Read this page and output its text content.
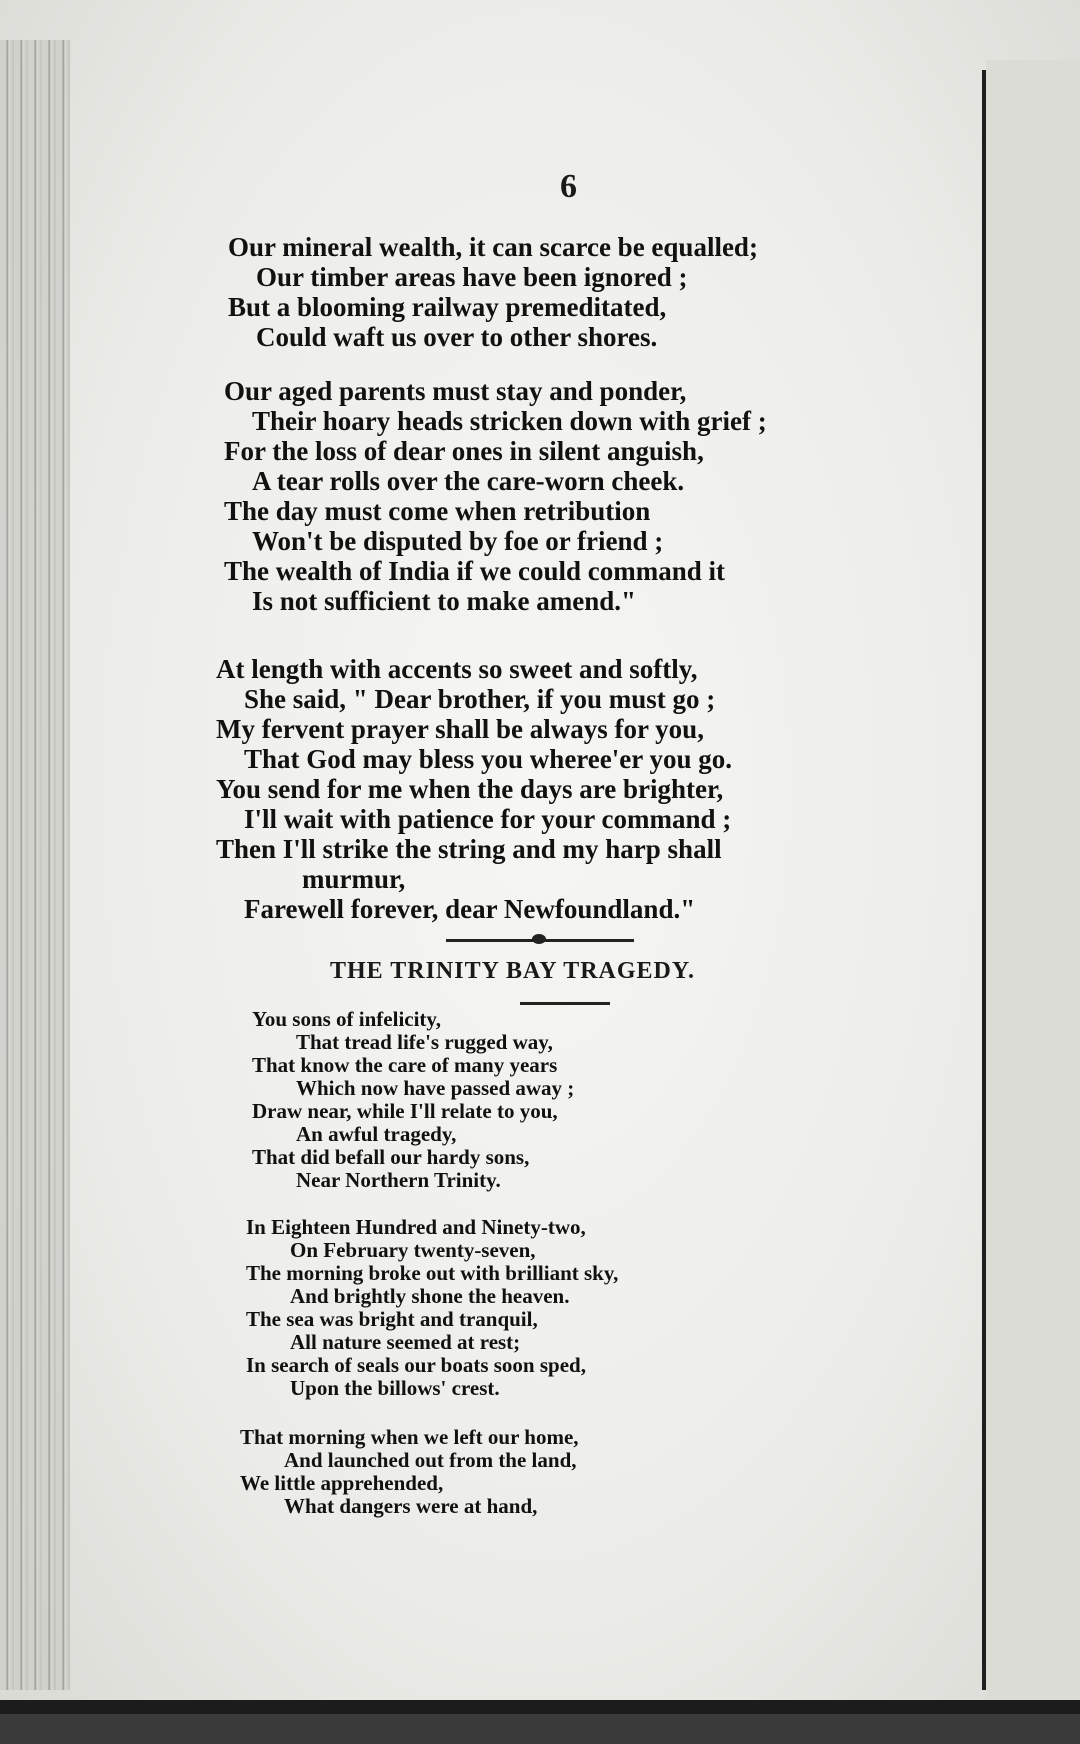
6
Our mineral wealth, it can scarce be equalled;
Our timber areas have been ignored ;
But a blooming railway premeditated,
Could waft us over to other shores.
Our aged parents must stay and ponder,
Their hoary heads stricken down with grief ;
For the loss of dear ones in silent anguish,
A tear rolls over the care-worn cheek.
The day must come when retribution
Won't be disputed by foe or friend ;
The wealth of India if we could command it
Is not sufficient to make amend."
At length with accents so sweet and softly,
She said, " Dear brother, if you must go ;
My fervent prayer shall be always for you,
That God may bless you wheree'er you go.
You send for me when the days are brighter,
I'll wait with patience for your command ;
Then I'll strike the string and my harp shall
murmur,
Farewell forever, dear Newfoundland."
THE TRINITY BAY TRAGEDY.
You sons of infelicity,
That tread life's rugged way,
That know the care of many years
Which now have passed away ;
Draw near, while I'll relate to you,
An awful tragedy,
That did befall our hardy sons,
Near Northern Trinity.
In Eighteen Hundred and Ninety-two,
On February twenty-seven,
The morning broke out with brilliant sky,
And brightly shone the heaven.
The sea was bright and tranquil,
All nature seemed at rest;
In search of seals our boats soon sped,
Upon the billows' crest.
That morning when we left our home,
And launched out from the land,
We little apprehended,
What dangers were at hand,
